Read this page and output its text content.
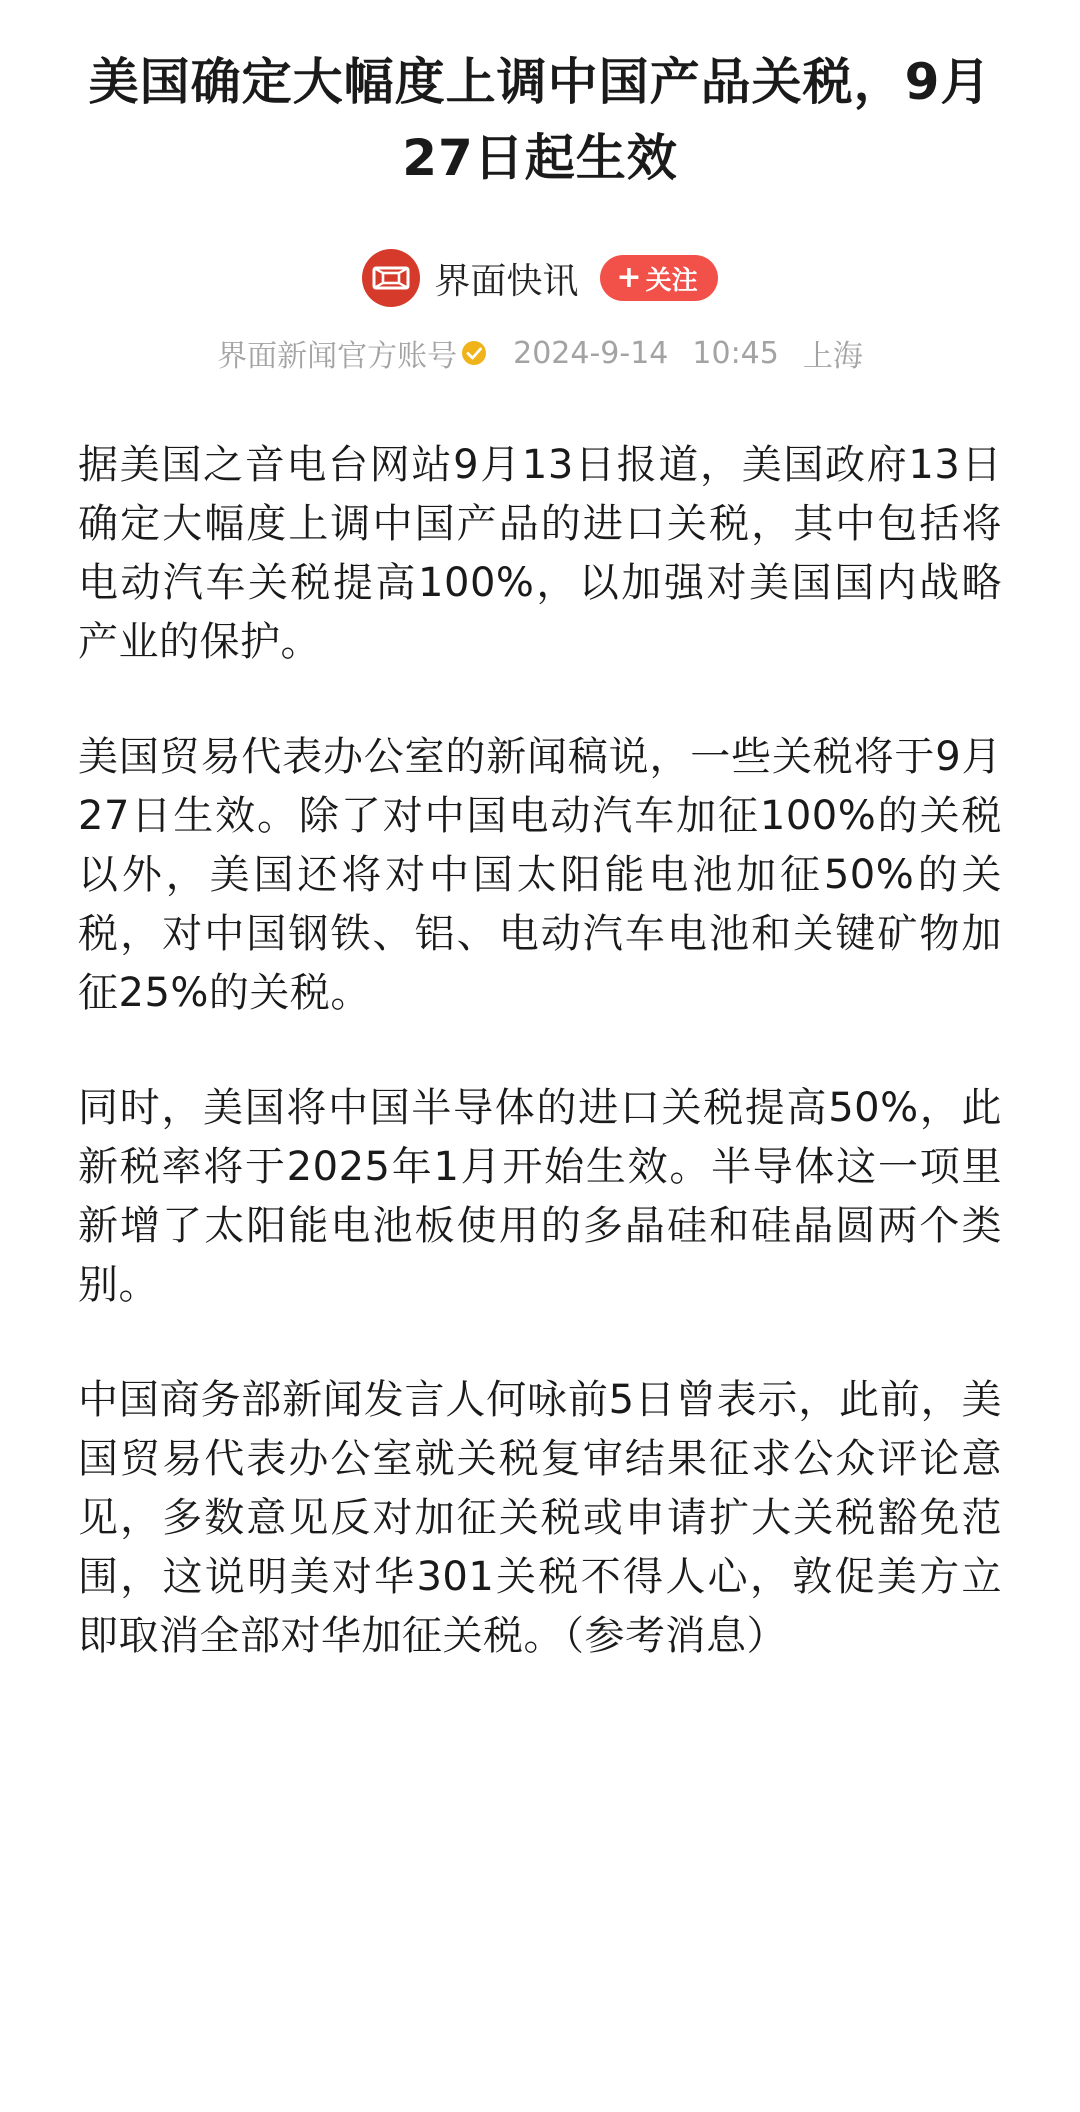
美国确定大幅度上调中国产品关税，9月27日起生效
界面快讯 + 关注
界面新闻官方账号 2024-9-14 10:45 上海

据美国之音电台网站9月13日报道，美国政府13日确定大幅度上调中国产品的进口关税，其中包括将电动汽车关税提高100%，以加强对美国国内战略产业的保护。

美国贸易代表办公室的新闻稿说，一些关税将于9月27日生效。除了对中国电动汽车加征100%的关税以外，美国还将对中国太阳能电池加征50%的关税，对中国钢铁、铝、电动汽车电池和关键矿物加征25%的关税。

同时，美国将中国半导体的进口关税提高50%，此新税率将于2025年1月开始生效。半导体这一项里新增了太阳能电池板使用的多晶硅和硅晶圆两个类别。

中国商务部新闻发言人何咏前5日曾表示，此前，美国贸易代表办公室就关税复审结果征求公众评论意见，多数意见反对加征关税或申请扩大关税豁免范围，这说明美对华301关税不得人心，敦促美方立即取消全部对华加征关税。（参考消息）
